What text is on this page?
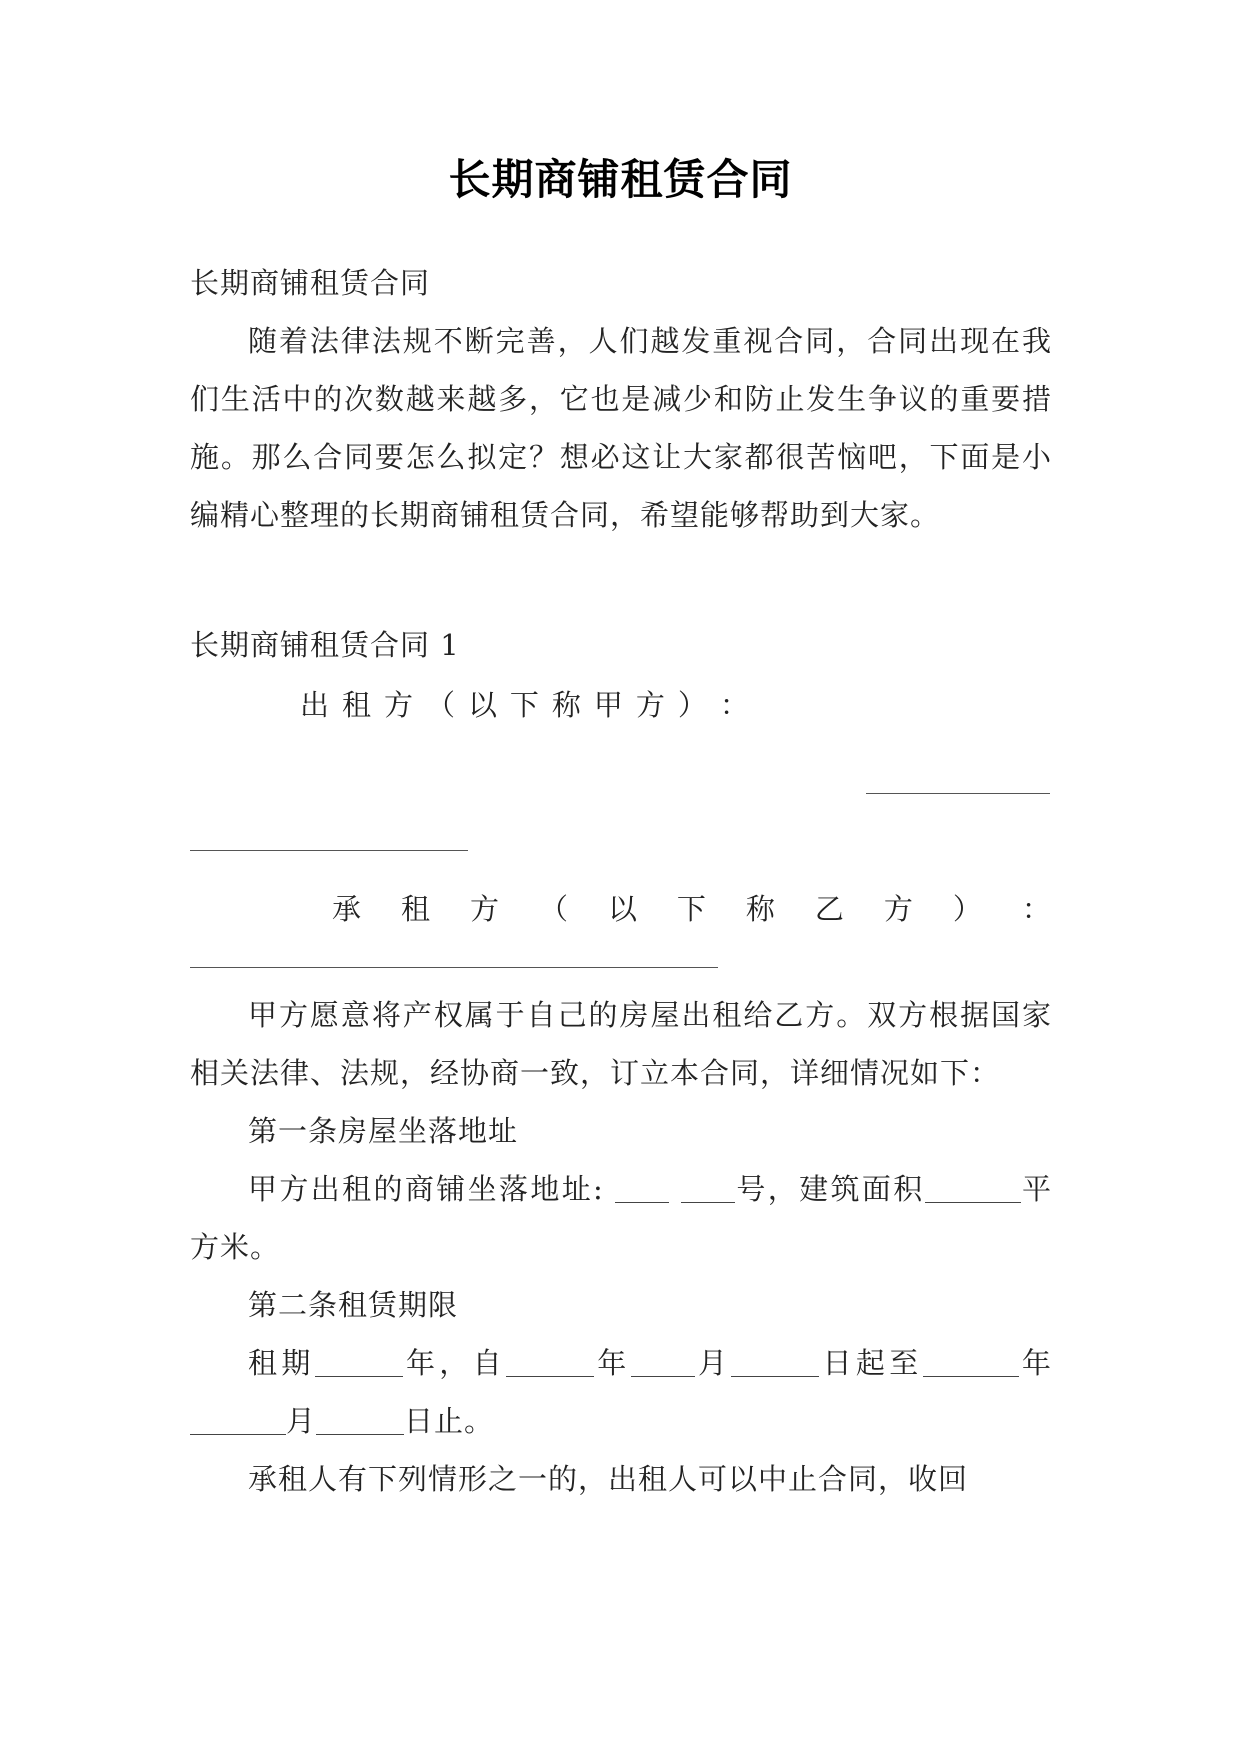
长期商铺租赁合同

长期商铺租赁合同

随着法律法规不断完善，人们越发重视合同，合同出现在我们生活中的次数越来越多，它也是减少和防止发生争议的重要措施。那么合同要怎么拟定？想必这让大家都很苦恼吧，下面是小编精心整理的长期商铺租赁合同，希望能够帮助到大家。

长期商铺租赁合同 1

出 租 方 （ 以 下 称 甲 方 ） ：
承 租 方 （ 以 下 称 乙 方 ） ：

甲方愿意将产权属于自己的房屋出租给乙方。双方根据国家相关法律、法规，经协商一致，订立本合同，详细情况如下：

第一条房屋坐落地址

甲方出租的商铺坐落地址:	号，建筑面积	平方米。

第二条租赁期限

租期	年，自	年 月	日起至	年月	日止。

承租人有下列情形之一的，出租人可以中止合同，收回
